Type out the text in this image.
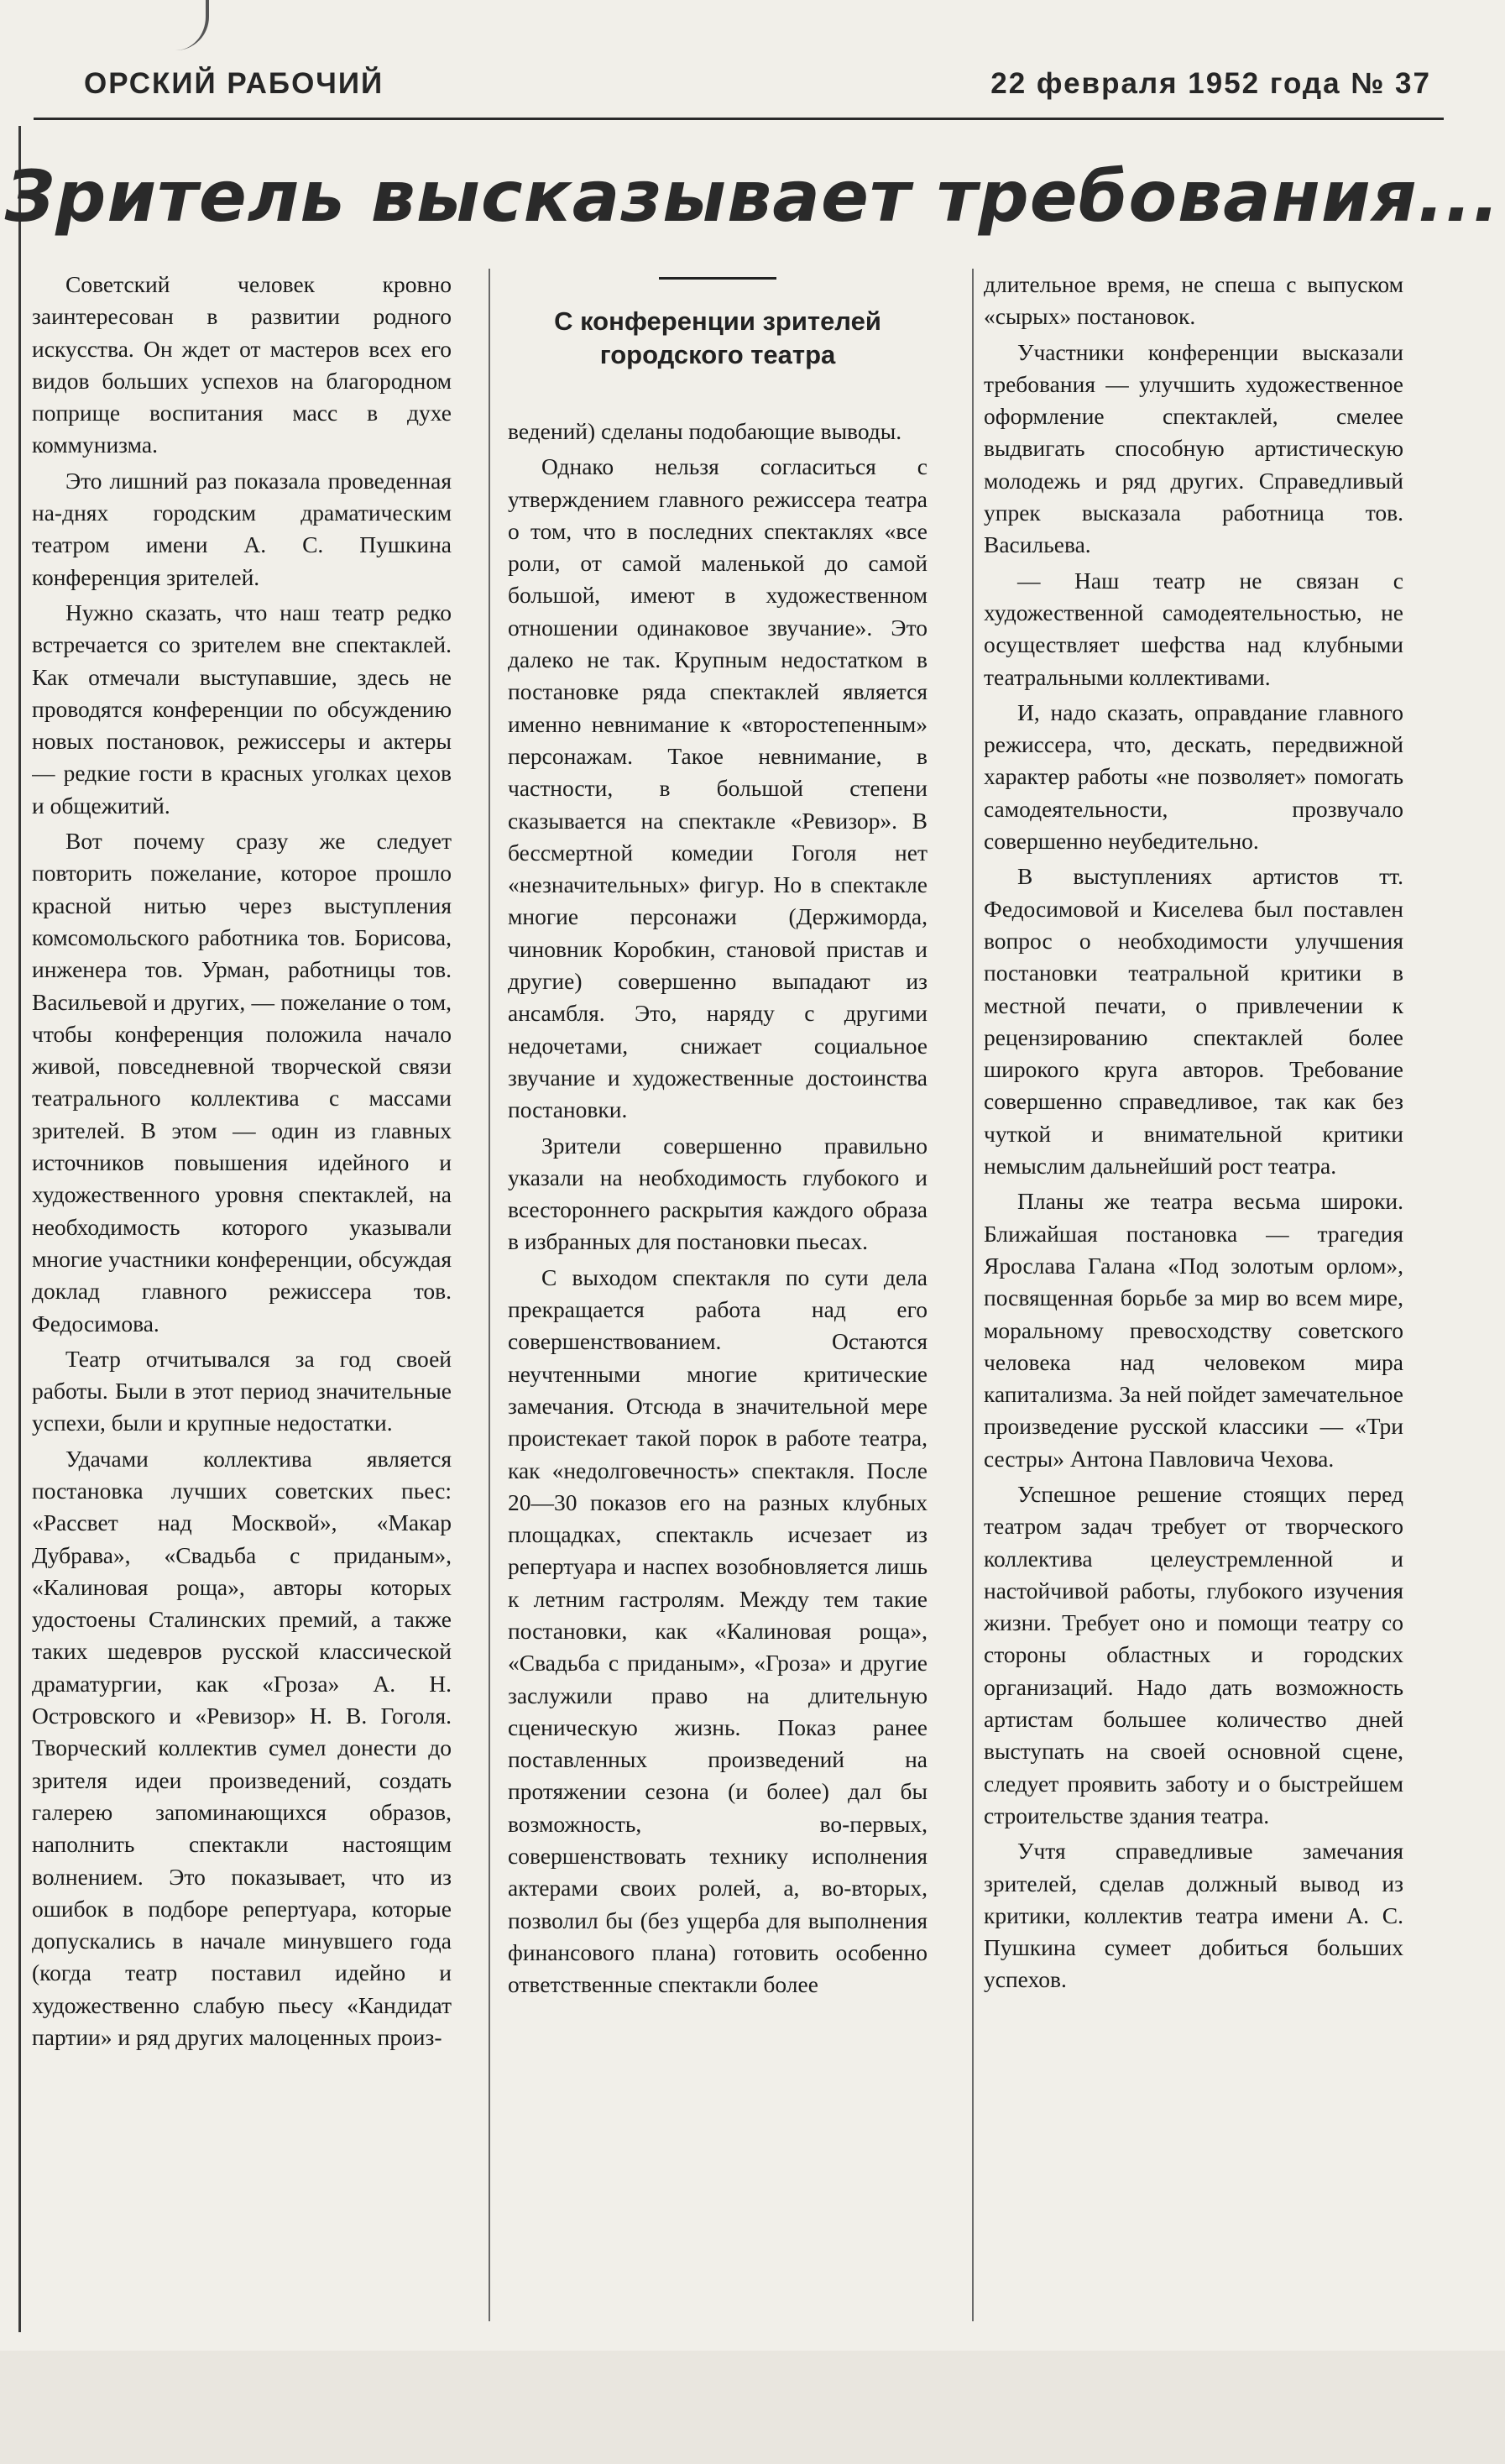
ОРСКИЙ РАБОЧИЙ	22 февраля 1952 года № 37
Зритель высказывает требования...
С конференции зрителей городского театра

Советский человек кровно заинтересован в развитии родного искусства. Он ждет от мастеров всех его видов больших успехов на благородном поприще воспитания масс в духе коммунизма.

Это лишний раз показала проведенная на-днях городским драматическим театром имени А. С. Пушкина конференция зрителей.

Нужно сказать, что наш театр редко встречается со зрителем вне спектаклей. Как отмечали выступавшие, здесь не проводятся конференции по обсуждению новых постановок, режиссеры и актеры — редкие гости в красных уголках цехов и общежитий.

Вот почему сразу же следует повторить пожелание, которое прошло красной нитью через выступления комсомольского работника тов. Борисова, инженера тов. Урман, работницы тов. Васильевой и других, — пожелание о том, чтобы конференция положила начало живой, повседневной творческой связи театрального коллектива с массами зрителей. В этом — один из главных источников повышения идейного и художественного уровня спектаклей, на необходимость которого указывали многие участники конференции, обсуждая доклад главного режиссера тов. Федосимова.

Театр отчитывался за год своей работы. Были в этот период значительные успехи, были и крупные недостатки.

Удачами коллектива является постановка лучших советских пьес: «Рассвет над Москвой», «Макар Дубрава», «Свадьба с приданым», «Калиновая роща», авторы которых удостоены Сталинских премий, а также таких шедевров русской классической драматургии, как «Гроза» А. Н. Островского и «Ревизор» Н. В. Гоголя. Творческий коллектив сумел донести до зрителя идеи произведений, создать галерею запоминающихся образов, наполнить спектакли настоящим волнением. Это показывает, что из ошибок в подборе репертуара, которые допускались в начале минувшего года (когда театр поставил идейно и художественно слабую пьесу «Кандидат партии» и ряд других малоценных произ-

ведений) сделаны подобающие выводы.

Однако нельзя согласиться с утверждением главного режиссера театра о том, что в последних спектаклях «все роли, от самой маленькой до самой большой, имеют в художественном отношении одинаковое звучание». Это далеко не так. Крупным недостатком в постановке ряда спектаклей является именно невнимание к «второстепенным» персонажам. Такое невнимание, в частности, в большой степени сказывается на спектакле «Ревизор». В бессмертной комедии Гоголя нет «незначительных» фигур. Но в спектакле многие персонажи (Держиморда, чиновник Коробкин, становой пристав и другие) совершенно выпадают из ансамбля. Это, наряду с другими недочетами, снижает социальное звучание и художественные достоинства постановки.

Зрители совершенно правильно указали на необходимость глубокого и всестороннего раскрытия каждого образа в избранных для постановки пьесах.

С выходом спектакля по сути дела прекращается работа над его совершенствованием. Остаются неучтенными многие критические замечания. Отсюда в значительной мере проистекает такой порок в работе театра, как «недолговечность» спектакля. После 20—30 показов его на разных клубных площадках, спектакль исчезает из репертуара и наспех возобновляется лишь к летним гастролям. Между тем такие постановки, как «Калиновая роща», «Свадьба с приданым», «Гроза» и другие заслужили право на длительную сценическую жизнь. Показ ранее поставленных произведений на протяжении сезона (и более) дал бы возможность, во-первых, совершенствовать технику исполнения актерами своих ролей, а, во-вторых, позволил бы (без ущерба для выполнения финансового плана) готовить особенно ответственные спектакли более

длительное время, не спеша с выпуском «сырых» постановок.

Участники конференции высказали требования — улучшить художественное оформление спектаклей, смелее выдвигать способную артистическую молодежь и ряд других. Справедливый упрек высказала работница тов. Васильева.

— Наш театр не связан с художественной самодеятельностью, не осуществляет шефства над клубными театральными коллективами.

И, надо сказать, оправдание главного режиссера, что, дескать, передвижной характер работы «не позволяет» помогать самодеятельности, прозвучало совершенно неубедительно.

В выступлениях артистов тт. Федосимовой и Киселева был поставлен вопрос о необходимости улучшения постановки театральной критики в местной печати, о привлечении к рецензированию спектаклей более широкого круга авторов. Требование совершенно справедливое, так как без чуткой и внимательной критики немыслим дальнейший рост театра.

Планы же театра весьма широки. Ближайшая постановка — трагедия Ярослава Галана «Под золотым орлом», посвященная борьбе за мир во всем мире, моральному превосходству советского человека над человеком мира капитализма. За ней пойдет замечательное произведение русской классики — «Три сестры» Антона Павловича Чехова.

Успешное решение стоящих перед театром задач требует от творческого коллектива целеустремленной и настойчивой работы, глубокого изучения жизни. Требует оно и помощи театру со стороны областных и городских организаций. Надо дать возможность артистам большее количество дней выступать на своей основной сцене, следует проявить заботу и о быстрейшем строительстве здания театра.

Учтя справедливые замечания зрителей, сделав должный вывод из критики, коллектив театра имени А. С. Пушкина сумеет добиться больших успехов.
